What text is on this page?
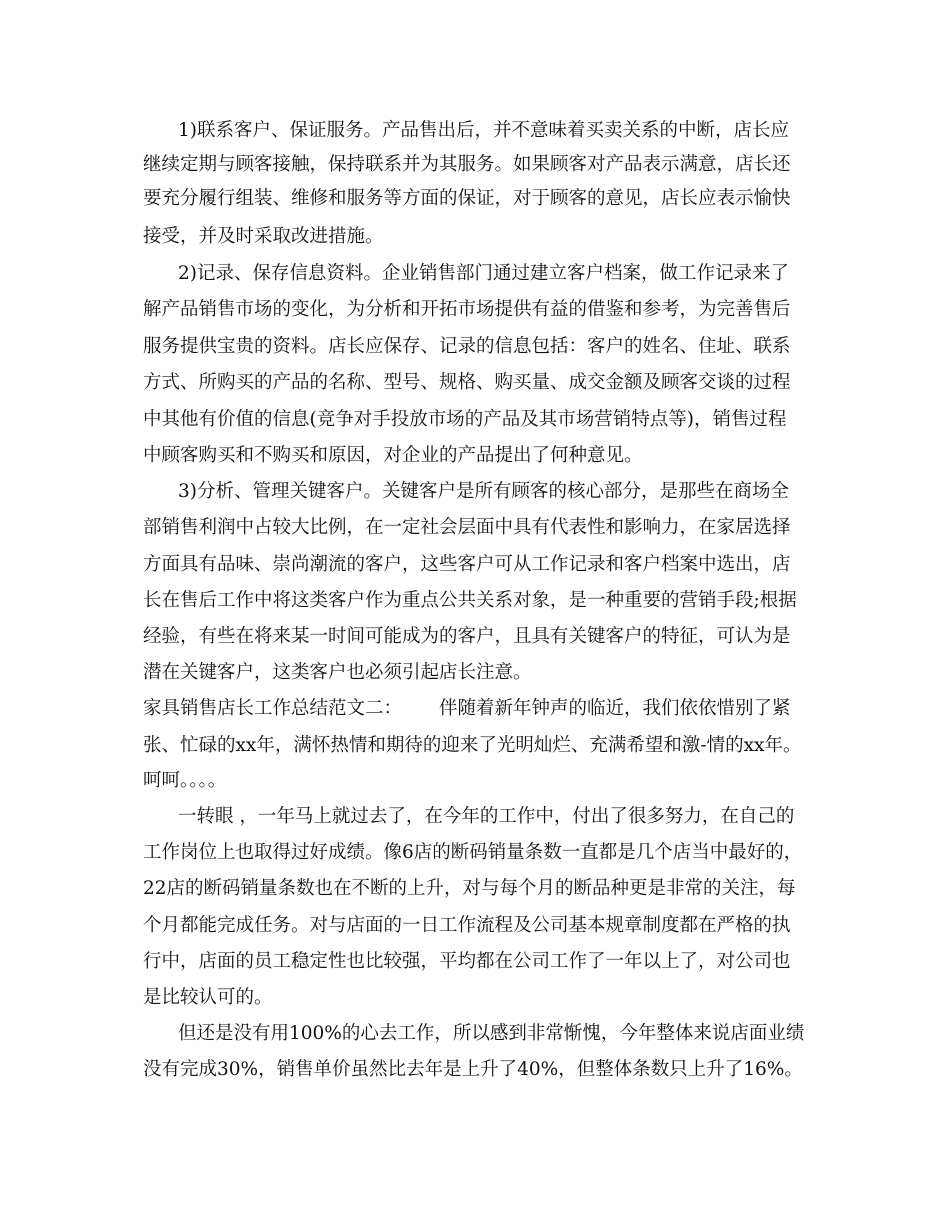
1)联系客户、保证服务。产品售出后，并不意味着买卖关系的中断，店长应
继续定期与顾客接触，保持联系并为其服务。如果顾客对产品表示满意，店长还
要充分履行组装、维修和服务等方面的保证，对于顾客的意见，店长应表示愉快
接受，并及时采取改进措施。
2)记录、保存信息资料。企业销售部门通过建立客户档案，做工作记录来了
解产品销售市场的变化，为分析和开拓市场提供有益的借鉴和参考，为完善售后
服务提供宝贵的资料。店长应保存、记录的信息包括：客户的姓名、住址、联系
方式、所购买的产品的名称、型号、规格、购买量、成交金额及顾客交谈的过程
中其他有价值的信息(竞争对手投放市场的产品及其市场营销特点等)，销售过程
中顾客购买和不购买和原因，对企业的产品提出了何种意见。
3)分析、管理关键客户。关键客户是所有顾客的核心部分，是那些在商场全
部销售利润中占较大比例，在一定社会层面中具有代表性和影响力，在家居选择
方面具有品味、崇尚潮流的客户，这些客户可从工作记录和客户档案中选出，店
长在售后工作中将这类客户作为重点公共关系对象，是一种重要的营销手段;根据
经验，有些在将来某一时间可能成为的客户，且具有关键客户的特征，可认为是
潜在关键客户，这类客户也必须引起店长注意。
家具销售店长工作总结范文二： 伴随着新年钟声的临近，我们依依惜别了紧
张、忙碌的xx年，满怀热情和期待的迎来了光明灿烂、充满希望和激-情的xx年。
呵呵。。。。
一转眼 ，一年马上就过去了，在今年的工作中，付出了很多努力，在自己的
工作岗位上也取得过好成绩。像6店的断码销量条数一直都是几个店当中最好的，
22店的断码销量条数也在不断的上升，对与每个月的断品种更是非常的关注，每
个月都能完成任务。对与店面的一日工作流程及公司基本规章制度都在严格的执
行中，店面的员工稳定性也比较强，平均都在公司工作了一年以上了，对公司也
是比较认可的。
但还是没有用100%的心去工作，所以感到非常惭愧，今年整体来说店面业绩
没有完成30%，销售单价虽然比去年是上升了40%，但整体条数只上升了16%。
